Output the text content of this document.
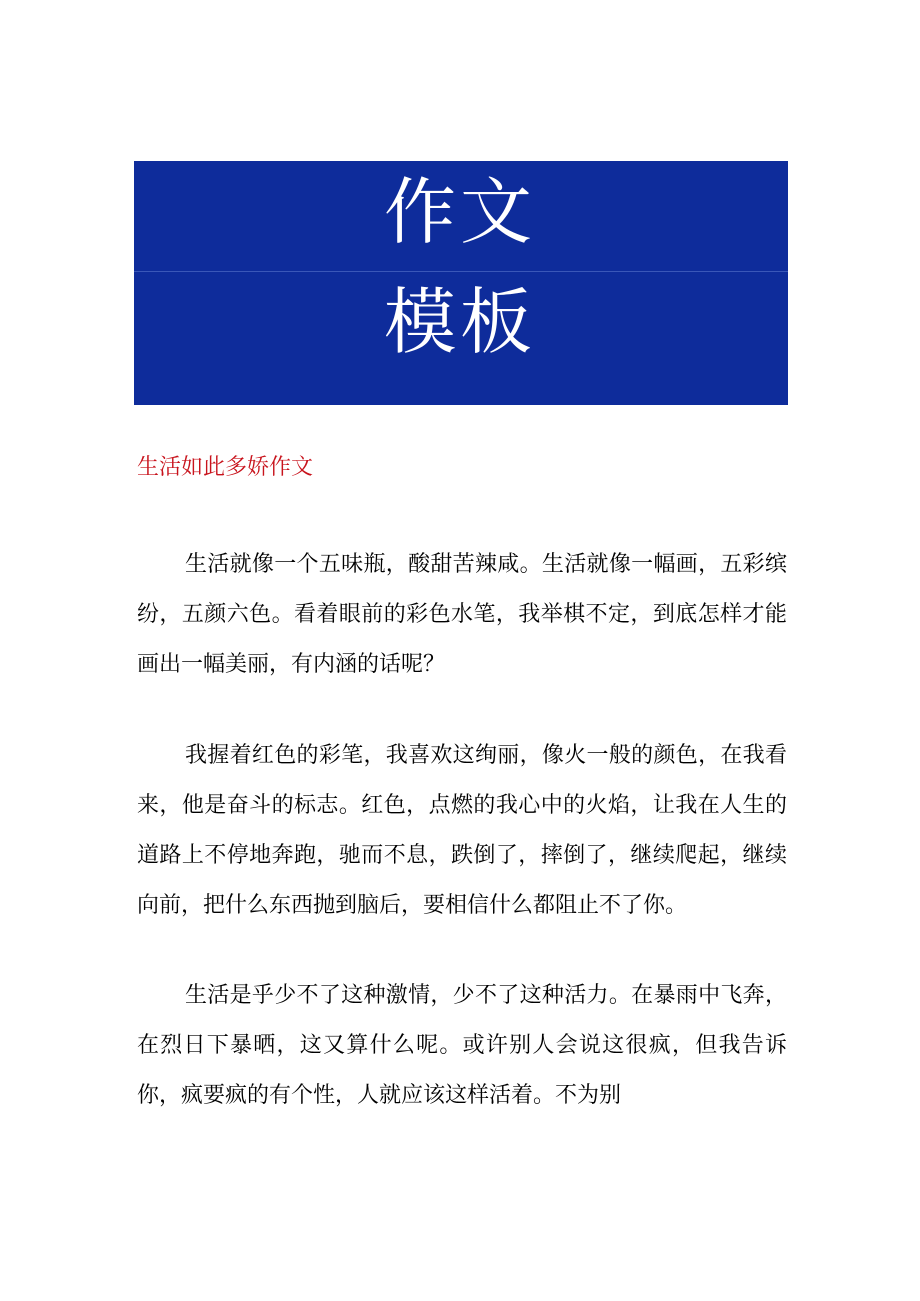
作文
模板
生活如此多娇作文

生活就像一个五味瓶，酸甜苦辣咸。生活就像一幅画，五彩缤纷，五颜六色。看着眼前的彩色水笔，我举棋不定，到底怎样才能画出一幅美丽，有内涵的话呢？

我握着红色的彩笔，我喜欢这绚丽，像火一般的颜色，在我看来，他是奋斗的标志。红色，点燃的我心中的火焰，让我在人生的道路上不停地奔跑，驰而不息，跌倒了，摔倒了，继续爬起，继续向前，把什么东西抛到脑后，要相信什么都阻止不了你。

生活是乎少不了这种激情，少不了这种活力。在暴雨中飞奔，在烈日下暴晒，这又算什么呢。或许别人会说这很疯，但我告诉你，疯要疯的有个性，人就应该这样活着。不为别
